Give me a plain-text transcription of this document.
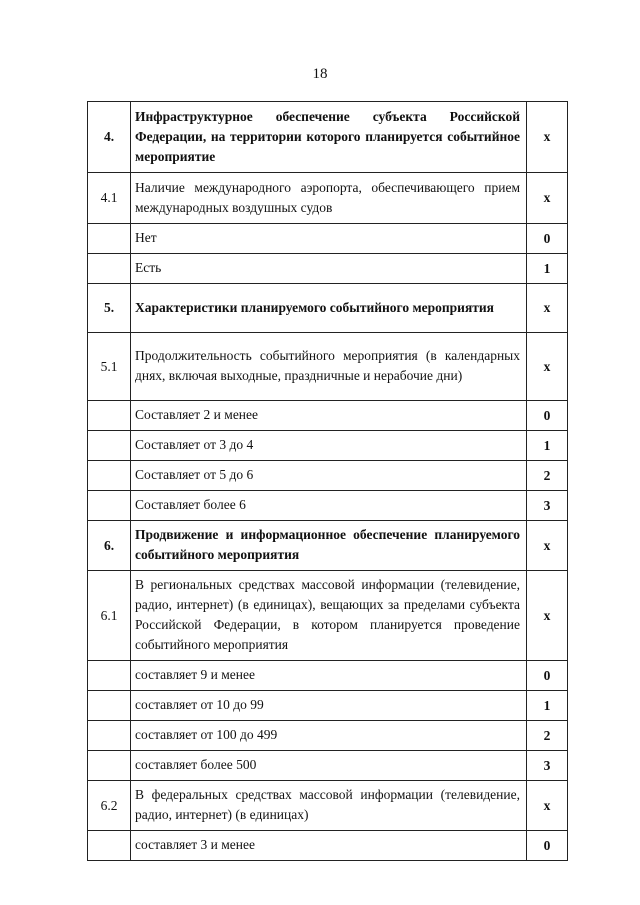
18
4.	Инфраструктурное обеспечение субъекта Российской Федерации, на территории которого планируется событийное мероприятие	x
4.1	Наличие международного аэропорта, обеспечивающего прием международных воздушных судов	x
	Нет	0
	Есть	1
5.	Характеристики планируемого событийного мероприятия	x
5.1	Продолжительность событийного мероприятия (в календарных днях, включая выходные, праздничные и нерабочие дни)	x
	Составляет 2 и менее	0
	Составляет от 3 до 4	1
	Составляет от 5 до 6	2
	Составляет более 6	3
6.	Продвижение и информационное обеспечение планируемого событийного мероприятия	x
6.1	В региональных средствах массовой информации (телевидение, радио, интернет) (в единицах), вещающих за пределами субъекта Российской Федерации, в котором планируется проведение событийного мероприятия	x
	составляет 9 и менее	0
	составляет от 10 до 99	1
	составляет от 100 до 499	2
	составляет более 500	3
6.2	В федеральных средствах массовой информации (телевидение, радио, интернет) (в единицах)	x
	составляет 3 и менее	0
